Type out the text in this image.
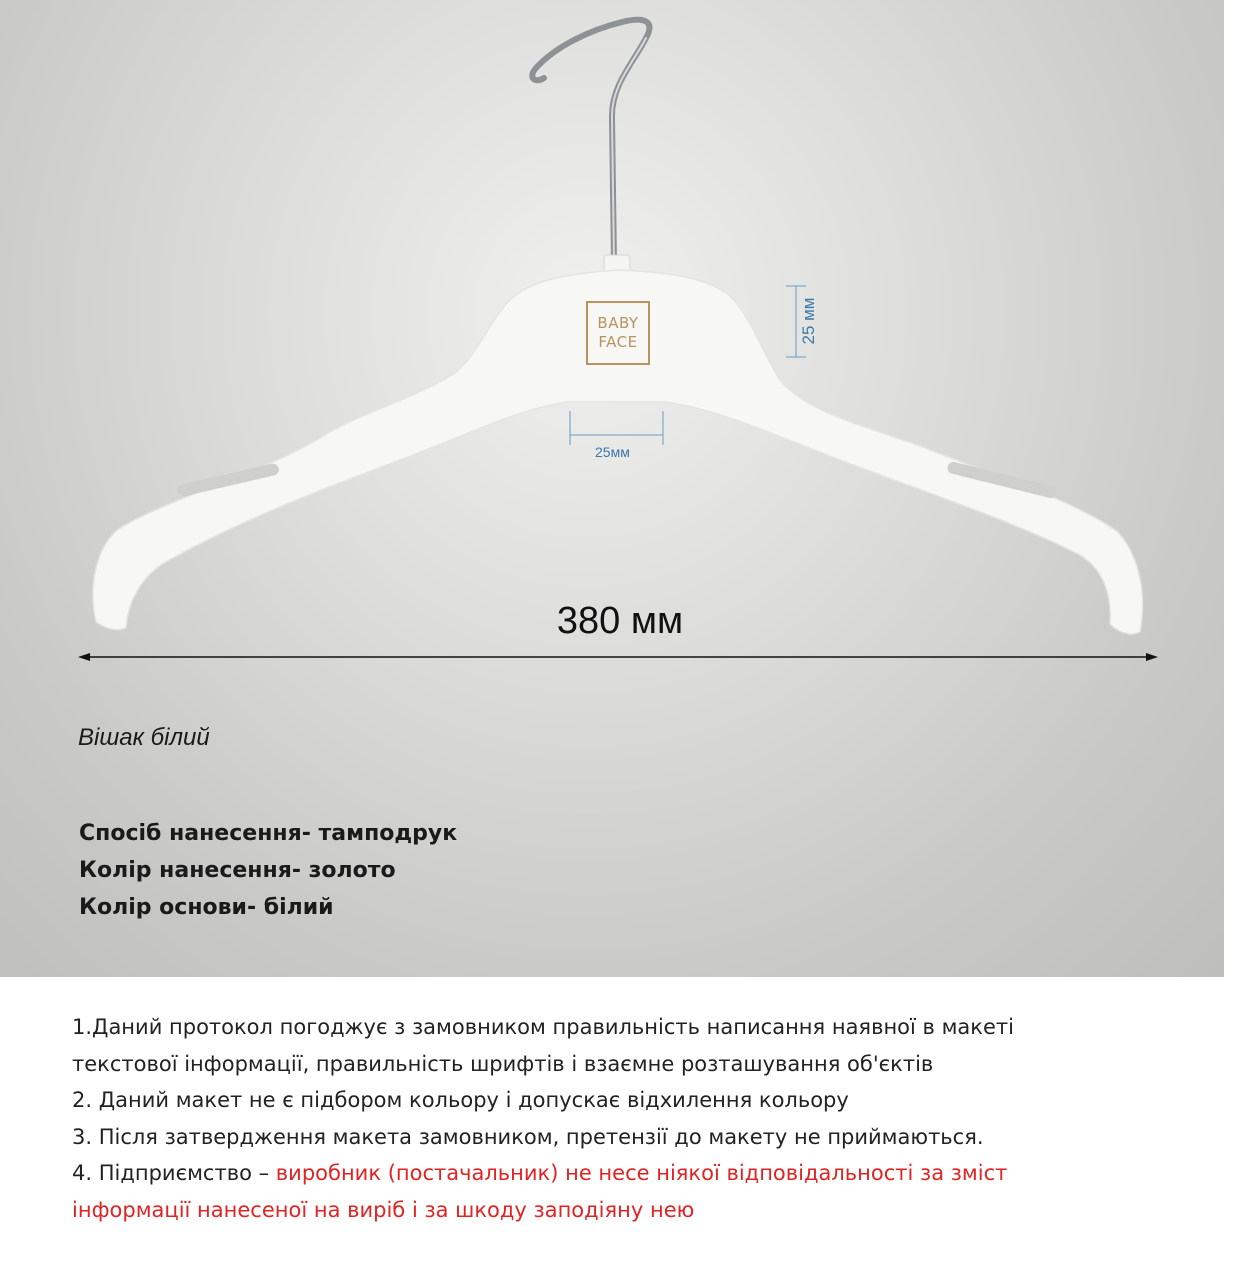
BABY
FACE
25мм
25 мм
380 мм
Вішак білий
Спосіб нанесення- тамподрук
Колір нанесення- золото
Колір основи- білий
1.Даний протокол погоджує з замовником правильність написання наявної в макеті
текстової інформації, правильність шрифтів і взаємне розташування об'єктів
2. Даний макет не є підбором кольору і допускає відхилення кольору
3. Після затвердження макета замовником, претензії до макету не приймаються.
4. Підприємство – виробник (постачальник) не несе ніякої відповідальності за зміст
інформації нанесеної на виріб і за шкоду заподіяну нею
